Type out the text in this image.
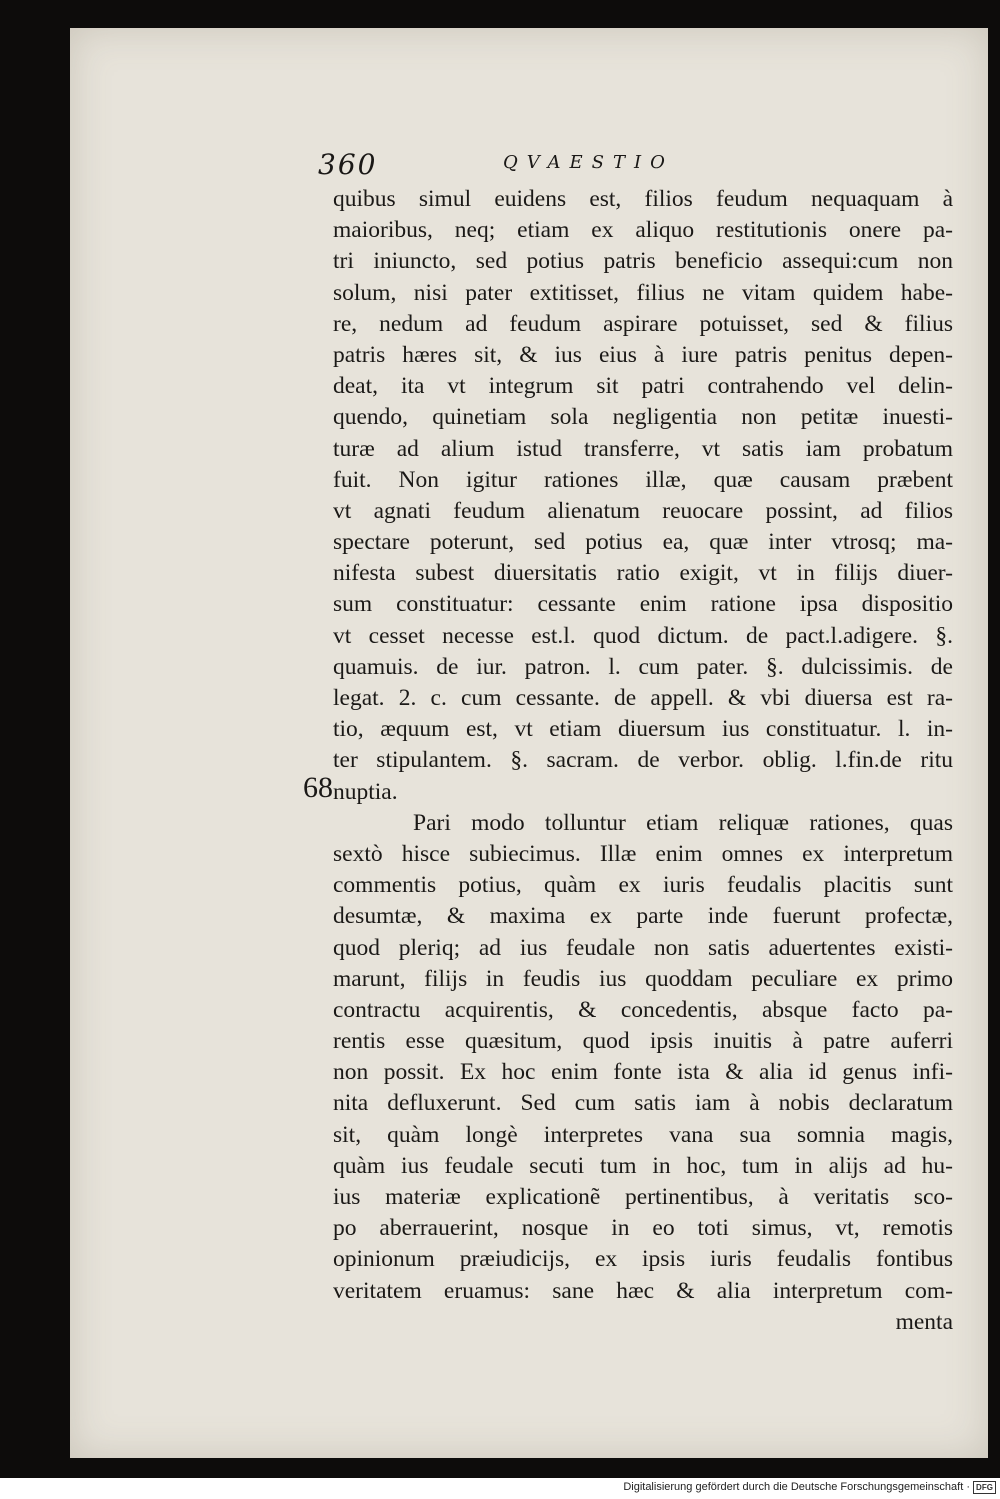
360	QVAESTIO
68
quibus simul euidens est, filios feudum nequaquam à
maioribus, neq; etiam ex aliquo restitutionis onere pa-
tri iniuncto, sed potius patris beneficio assequi:cum non
solum, nisi pater extitisset, filius ne vitam quidem habe-
re, nedum ad feudum aspirare potuisset, sed & filius
patris hæres sit, & ius eius à iure patris penitus depen-
deat, ita vt integrum sit patri contrahendo vel delin-
quendo, quinetiam sola negligentia non petitæ inuesti-
turæ ad alium istud transferre, vt satis iam probatum
fuit. Non igitur rationes illæ, quæ causam præbent
vt agnati feudum alienatum reuocare possint, ad filios
spectare poterunt, sed potius ea, quæ inter vtrosq; ma-
nifesta subest diuersitatis ratio exigit, vt in filijs diuer-
sum constituatur: cessante enim ratione ipsa dispositio
vt cesset necesse est.l. quod dictum. de pact.l.adigere. §.
quamuis. de iur. patron. l. cum pater. §. dulcissimis. de
legat. 2. c. cum cessante. de appell. & vbi diuersa est ra-
tio, æquum est, vt etiam diuersum ius constituatur. l. in-
ter stipulantem. §. sacram. de verbor. oblig. l.fin.de ritu
nuptia.
Pari modo tolluntur etiam reliquæ rationes, quas
sextò hisce subiecimus. Illæ enim omnes ex interpretum
commentis potius, quàm ex iuris feudalis placitis sunt
desumtæ, & maxima ex parte inde fuerunt profectæ,
quod pleriq; ad ius feudale non satis aduertentes existi-
marunt, filijs in feudis ius quoddam peculiare ex primo
contractu acquirentis, & concedentis, absque facto pa-
rentis esse quæsitum, quod ipsis inuitis à patre auferri
non possit. Ex hoc enim fonte ista & alia id genus infi-
nita defluxerunt. Sed cum satis iam à nobis declaratum
sit, quàm longè interpretes vana sua somnia magis,
quàm ius feudale secuti tum in hoc, tum in alijs ad hu-
ius materiæ explicationẽ pertinentibus, à veritatis sco-
po aberrauerint, nosque in eo toti simus, vt, remotis
opinionum præiudicijs, ex ipsis iuris feudalis fontibus
veritatem eruamus: sane hæc & alia interpretum com-
menta
Digitalisierung gefördert durch die Deutsche Forschungsgemeinschaft · DFG
